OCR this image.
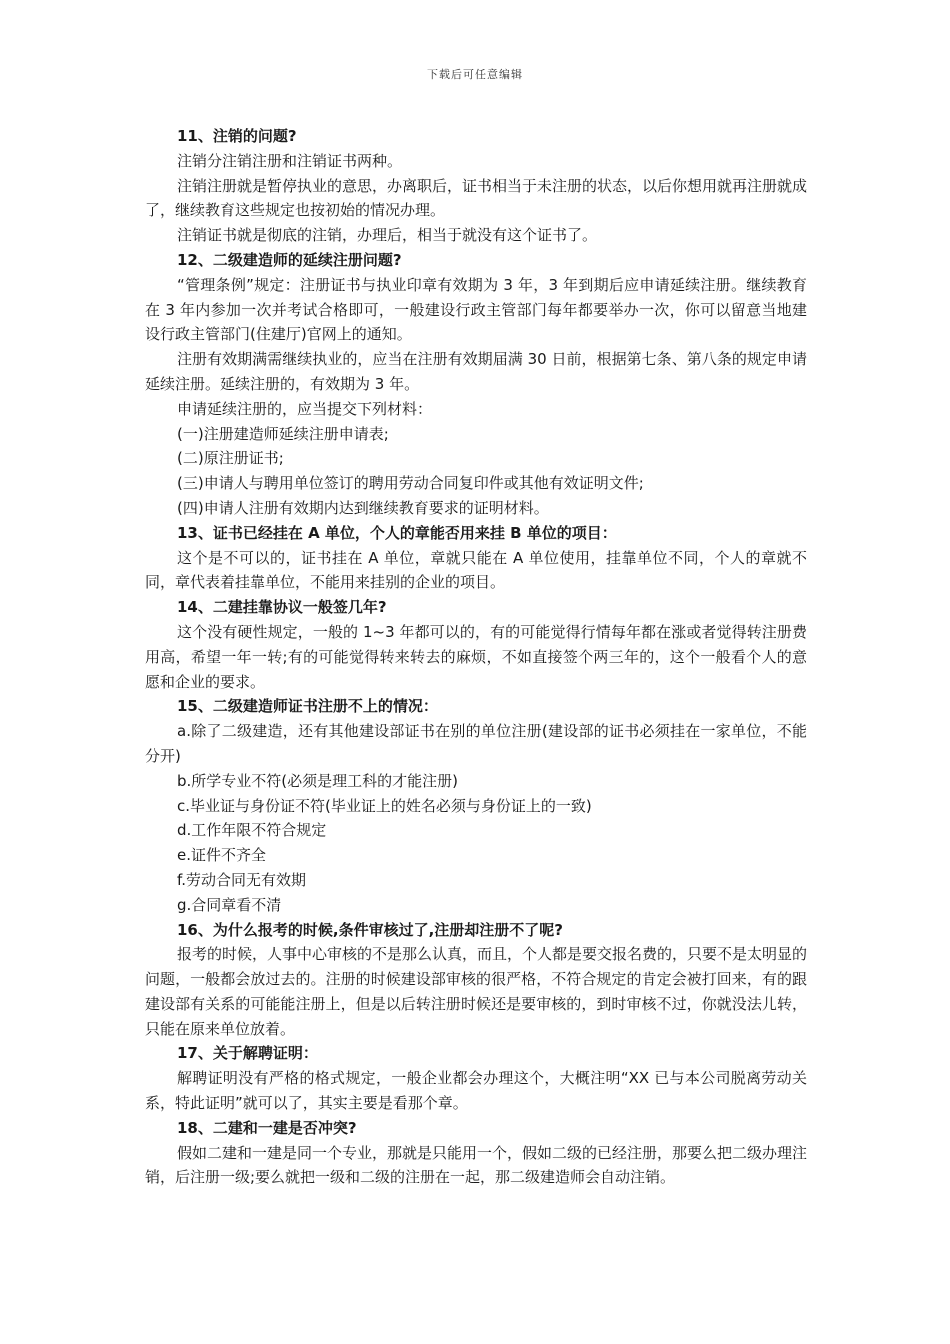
下载后可任意编辑

11、注销的问题?

注销分注销注册和注销证书两种。

注销注册就是暂停执业的意思，办离职后，证书相当于未注册的状态，以后你想用就再注册就成了，继续教育这些规定也按初始的情况办理。

注销证书就是彻底的注销，办理后，相当于就没有这个证书了。

12、二级建造师的延续注册问题?

“管理条例”规定：注册证书与执业印章有效期为 3 年，3 年到期后应申请延续注册。继续教育在 3 年内参加一次并考试合格即可，一般建设行政主管部门每年都要举办一次，你可以留意当地建设行政主管部门(住建厅)官网上的通知。

注册有效期满需继续执业的，应当在注册有效期届满 30 日前，根据第七条、第八条的规定申请延续注册。延续注册的，有效期为 3 年。

申请延续注册的，应当提交下列材料：

(一)注册建造师延续注册申请表;

(二)原注册证书;

(三)申请人与聘用单位签订的聘用劳动合同复印件或其他有效证明文件;

(四)申请人注册有效期内达到继续教育要求的证明材料。

13、证书已经挂在 A 单位，个人的章能否用来挂 B 单位的项目：

这个是不可以的，证书挂在 A 单位，章就只能在 A 单位使用，挂靠单位不同，个人的章就不同，章代表着挂靠单位，不能用来挂别的企业的项目。

14、二建挂靠协议一般签几年?

这个没有硬性规定，一般的 1~3 年都可以的，有的可能觉得行情每年都在涨或者觉得转注册费用高，希望一年一转;有的可能觉得转来转去的麻烦，不如直接签个两三年的，这个一般看个人的意愿和企业的要求。

15、二级建造师证书注册不上的情况：

a.除了二级建造，还有其他建设部证书在别的单位注册(建设部的证书必须挂在一家单位，不能分开)

b.所学专业不符(必须是理工科的才能注册)

c.毕业证与身份证不符(毕业证上的姓名必须与身份证上的一致)

d.工作年限不符合规定

e.证件不齐全

f.劳动合同无有效期

g.合同章看不清

16、为什么报考的时候,条件审核过了,注册却注册不了呢?

报考的时候，人事中心审核的不是那么认真，而且，个人都是要交报名费的，只要不是太明显的问题，一般都会放过去的。注册的时候建设部审核的很严格，不符合规定的肯定会被打回来，有的跟建设部有关系的可能能注册上，但是以后转注册时候还是要审核的，到时审核不过，你就没法儿转，只能在原来单位放着。

17、关于解聘证明：

解聘证明没有严格的格式规定，一般企业都会办理这个，大概注明“XX 已与本公司脱离劳动关系，特此证明”就可以了，其实主要是看那个章。

18、二建和一建是否冲突?

假如二建和一建是同一个专业，那就是只能用一个，假如二级的已经注册，那要么把二级办理注销，后注册一级;要么就把一级和二级的注册在一起，那二级建造师会自动注销。
